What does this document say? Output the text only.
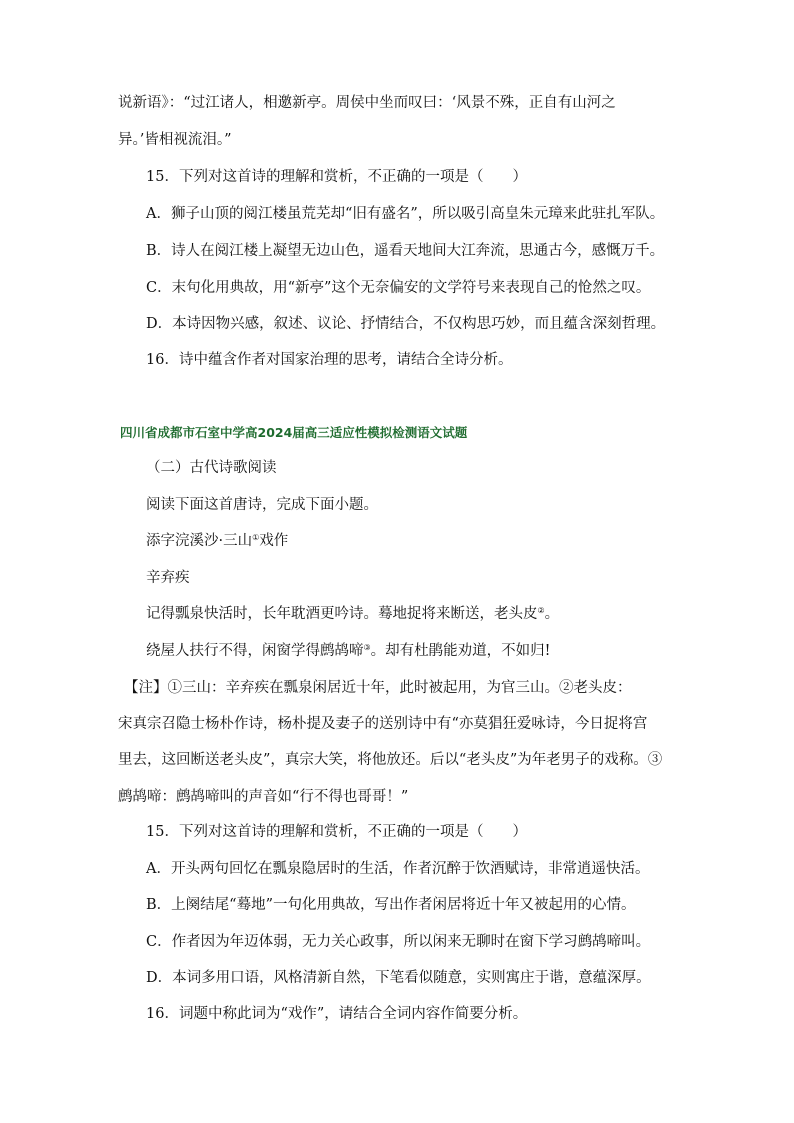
说新语》：“过江诸人，相邀新亭。周侯中坐而叹曰：‘风景不殊，正自有山河之
异。’皆相视流泪。”
15．下列对这首诗的理解和赏析，不正确的一项是（　　）
A．狮子山顶的阅江楼虽荒芜却“旧有盛名”，所以吸引高皇朱元璋来此驻扎军队。
B．诗人在阅江楼上凝望无边山色，遥看天地间大江奔流，思通古今，感慨万千。
C．末句化用典故，用“新亭”这个无奈偏安的文学符号来表现自己的怆然之叹。
D．本诗因物兴感，叙述、议论、抒情结合，不仅构思巧妙，而且蕴含深刻哲理。
16．诗中蕴含作者对国家治理的思考，请结合全诗分析。
四川省成都市石室中学高2024届高三适应性模拟检测语文试题
（二）古代诗歌阅读
阅读下面这首唐诗，完成下面小题。
添字浣溪沙·三山①戏作
辛弃疾
记得瓢泉快活时，长年耽酒更吟诗。蓦地捉将来断送，老头皮②。
绕屋人扶行不得，闲窗学得鹧鸪啼③。却有杜鹃能劝道，不如归!
【注】①三山：辛弃疾在瓢泉闲居近十年，此时被起用，为官三山。②老头皮：
宋真宗召隐士杨朴作诗，杨朴提及妻子的送别诗中有“亦莫猖狂爱咏诗，今日捉将宫
里去，这回断送老头皮”，真宗大笑，将他放还。后以“老头皮”为年老男子的戏称。③
鹧鸪啼：鹧鸪啼叫的声音如“行不得也哥哥！”
15．下列对这首诗的理解和赏析，不正确的一项是（　　）
A．开头两句回忆在瓢泉隐居时的生活，作者沉醉于饮酒赋诗，非常逍遥快活。
B．上阕结尾“蓦地”一句化用典故，写出作者闲居将近十年又被起用的心情。
C．作者因为年迈体弱，无力关心政事，所以闲来无聊时在窗下学习鹧鸪啼叫。
D．本词多用口语，风格清新自然，下笔看似随意，实则寓庄于谐，意蕴深厚。
16．词题中称此词为“戏作”，请结合全词内容作简要分析。
